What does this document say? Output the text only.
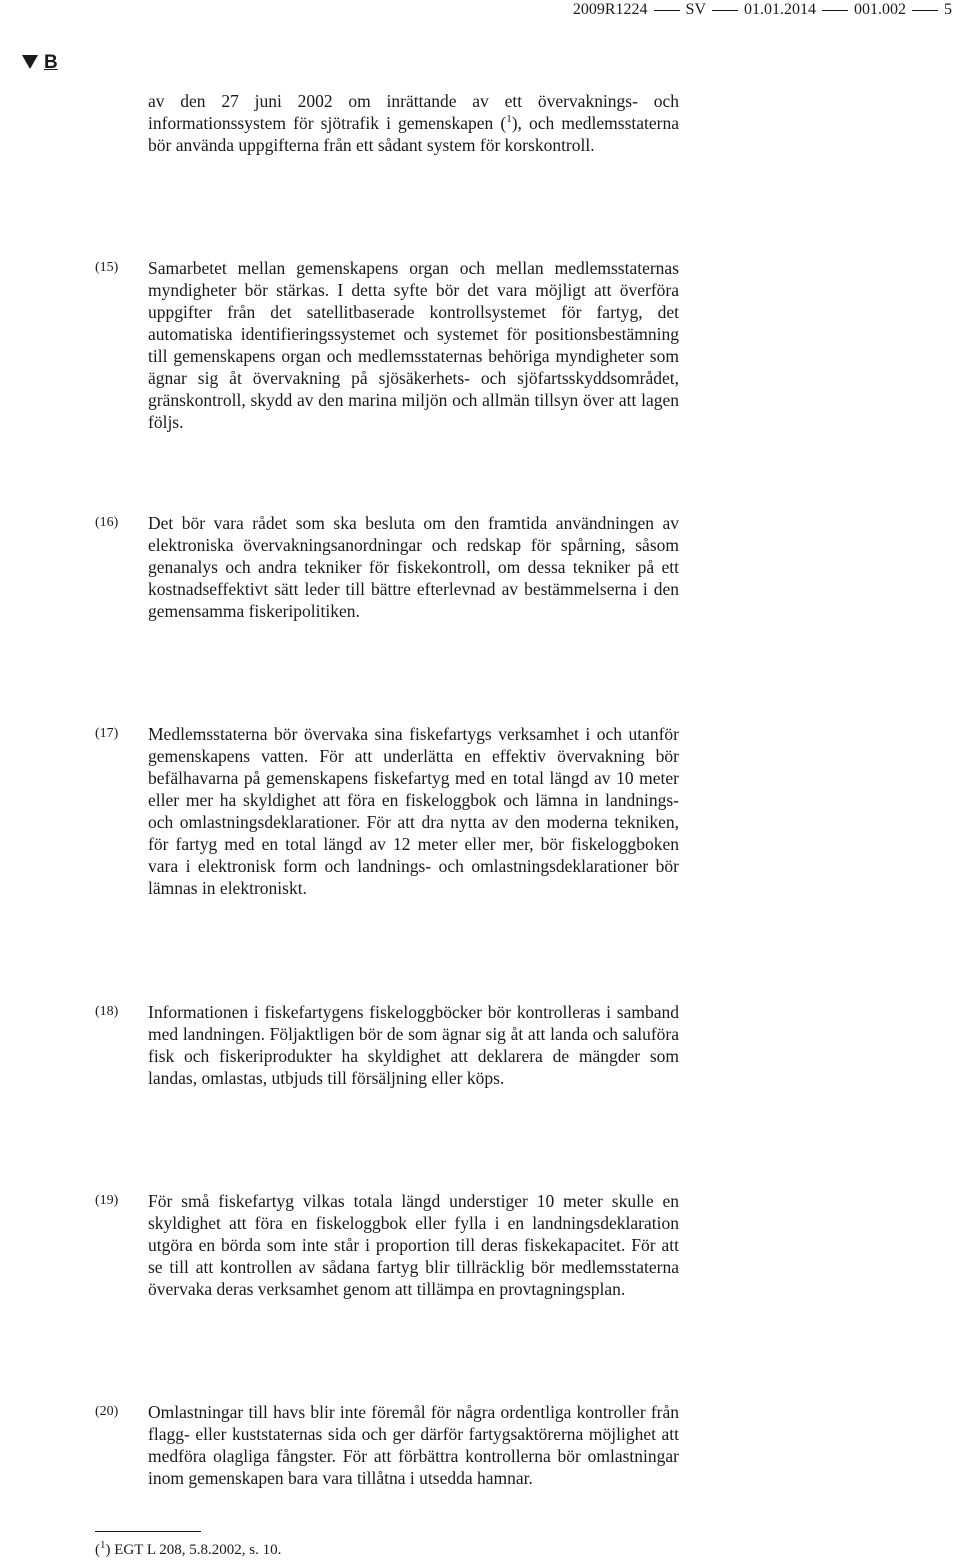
2009R1224 SV 01.01.2014 001.002 5
B
av den 27 juni 2002 om inrättande av ett övervaknings- och informationssystem för sjötrafik i gemenskapen ($^1$), och medlemsstaterna bör använda uppgifterna från ett sådant system för korskontroll.
(15) Samarbetet mellan gemenskapens organ och mellan medlemsstaternas myndigheter bör stärkas. I detta syfte bör det vara möjligt att överföra uppgifter från det satellitbaserade kontrollsystemet för fartyg, det automatiska identifieringssystemet och systemet för positionsbestämning till gemenskapens organ och medlemsstaternas behöriga myndigheter som ägnar sig åt övervakning på sjösäkerhets- och sjöfartsskyddsområdet, gränskontroll, skydd av den marina miljön och allmän tillsyn över att lagen följs.
(16) Det bör vara rådet som ska besluta om den framtida användningen av elektroniska övervakningsanordningar och redskap för spårning, såsom genanalys och andra tekniker för fiskekontroll, om dessa tekniker på ett kostnadseffektivt sätt leder till bättre efterlevnad av bestämmelserna i den gemensamma fiskeripolitiken.
(17) Medlemsstaterna bör övervaka sina fiskefartygs verksamhet i och utanför gemenskapens vatten. För att underlätta en effektiv övervakning bör befälhavarna på gemenskapens fiskefartyg med en total längd av 10 meter eller mer ha skyldighet att föra en fiskeloggbok och lämna in landnings- och omlastningsdeklarationer. För att dra nytta av den moderna tekniken, för fartyg med en total längd av 12 meter eller mer, bör fiskeloggboken vara i elektronisk form och landnings- och omlastningsdeklarationer bör lämnas in elektroniskt.
(18) Informationen i fiskefartygens fiskeloggböcker bör kontrolleras i samband med landningen. Följaktligen bör de som ägnar sig åt att landa och saluföra fisk och fiskeriprodukter ha skyldighet att deklarera de mängder som landas, omlastas, utbjuds till försäljning eller köps.
(19) För små fiskefartyg vilkas totala längd understiger 10 meter skulle en skyldighet att föra en fiskeloggbok eller fylla i en landningsdeklaration utgöra en börda som inte står i proportion till deras fiskekapacitet. För att se till att kontrollen av sådana fartyg blir tillräcklig bör medlemsstaterna övervaka deras verksamhet genom att tillämpa en provtagningsplan.
(20) Omlastningar till havs blir inte föremål för några ordentliga kontroller från flagg- eller kuststaternas sida och ger därför fartygsaktörerna möjlighet att medföra olagliga fångster. För att förbättra kontrollerna bör omlastningar inom gemenskapen bara vara tillåtna i utsedda hamnar.
($^1$) EGT L 208, 5.8.2002, s. 10.
